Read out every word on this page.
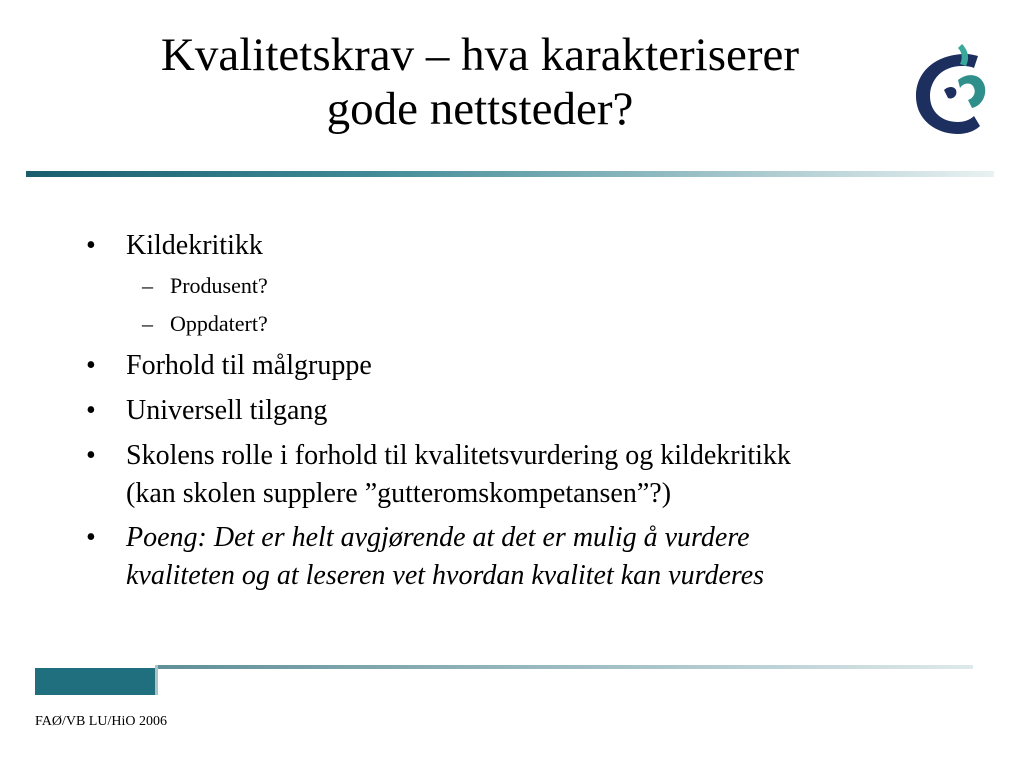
Kvalitetskrav – hva karakteriserer
gode nettsteder?
• Kildekritikk
– Produsent?
– Oppdatert?
• Forhold til målgruppe
• Universell tilgang
• Skolens rolle i forhold til kvalitetsvurdering og kildekritikk
(kan skolen supplere ”gutteromskompetansen”?)
• Poeng: Det er helt avgjørende at det er mulig å vurdere
kvaliteten og at leseren vet hvordan kvalitet kan vurderes
FAØ/VB LU/HiO 2006
